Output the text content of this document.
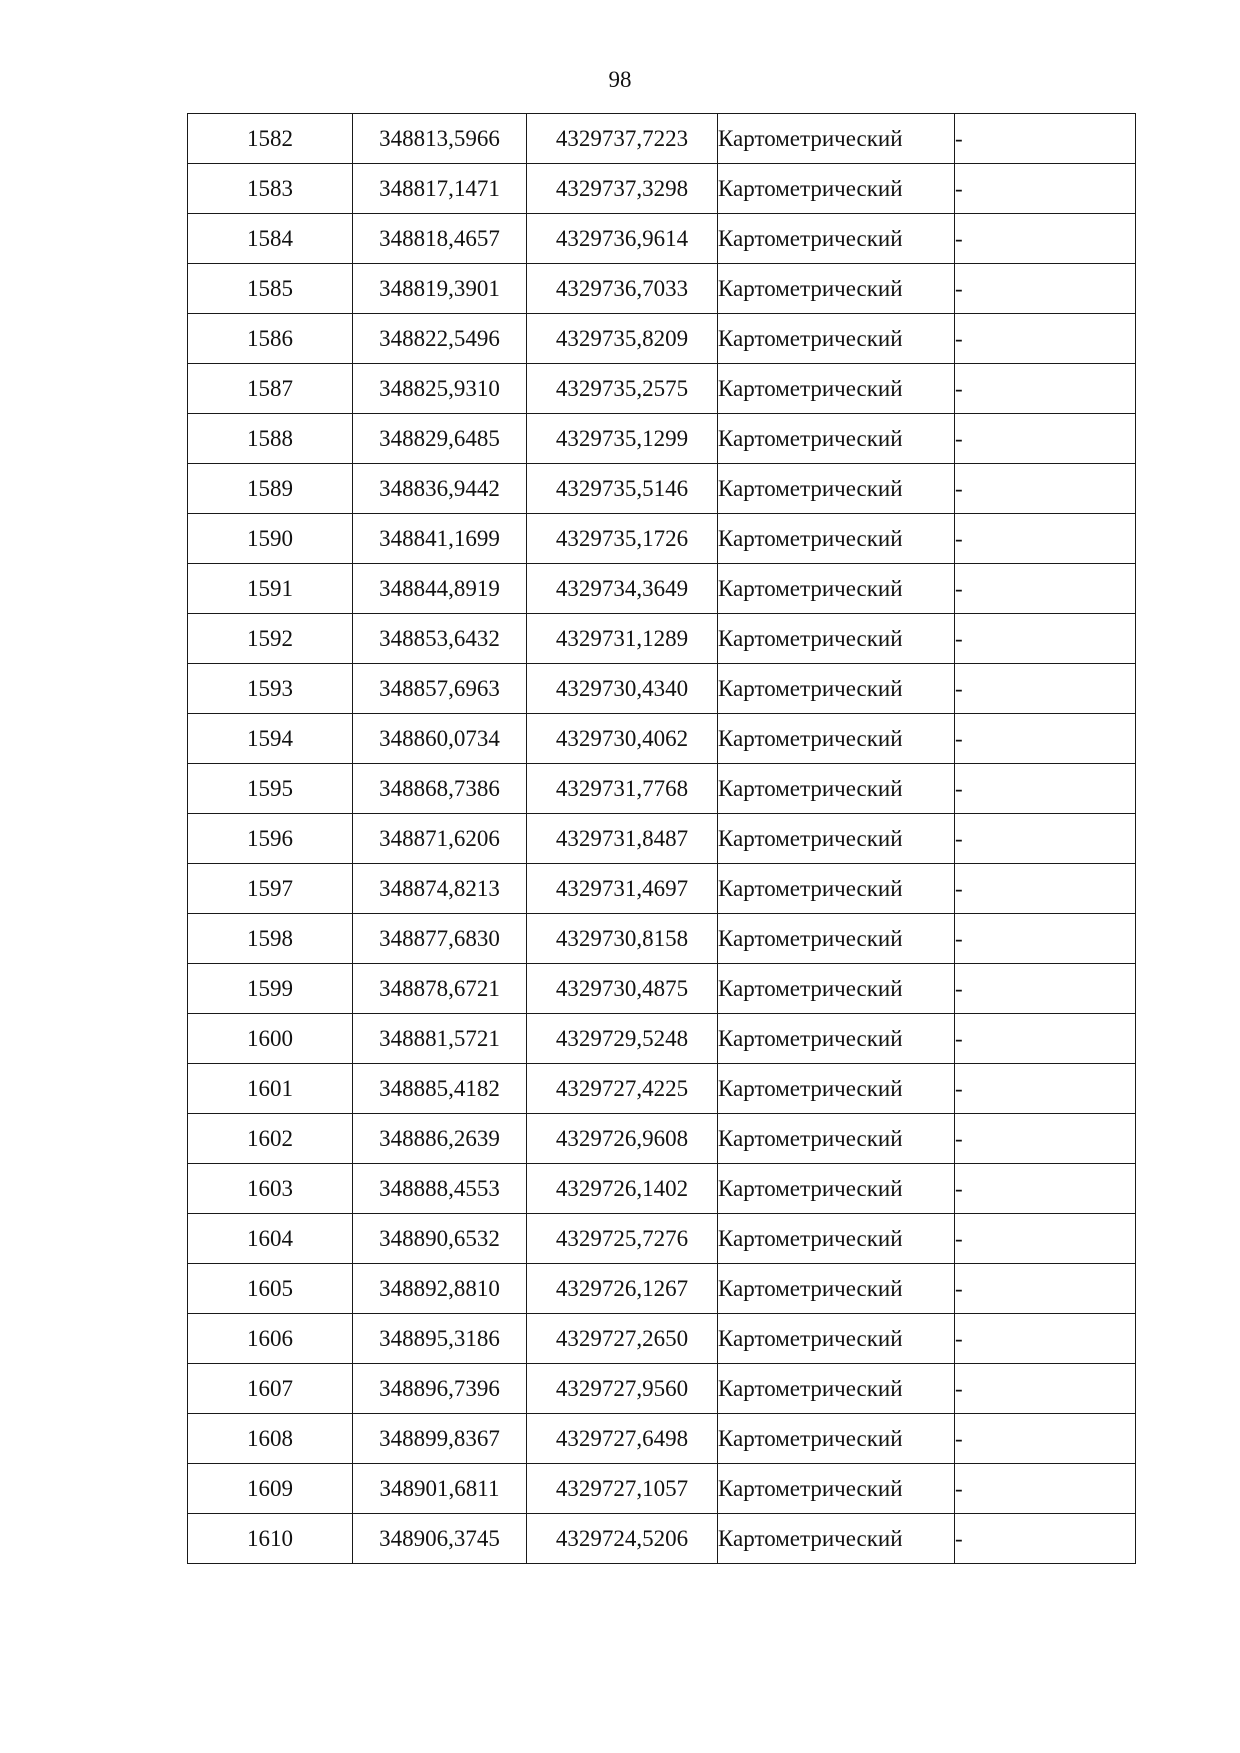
98
1582	348813,5966	4329737,7223	Картометрический	-
1583	348817,1471	4329737,3298	Картометрический	-
1584	348818,4657	4329736,9614	Картометрический	-
1585	348819,3901	4329736,7033	Картометрический	-
1586	348822,5496	4329735,8209	Картометрический	-
1587	348825,9310	4329735,2575	Картометрический	-
1588	348829,6485	4329735,1299	Картометрический	-
1589	348836,9442	4329735,5146	Картометрический	-
1590	348841,1699	4329735,1726	Картометрический	-
1591	348844,8919	4329734,3649	Картометрический	-
1592	348853,6432	4329731,1289	Картометрический	-
1593	348857,6963	4329730,4340	Картометрический	-
1594	348860,0734	4329730,4062	Картометрический	-
1595	348868,7386	4329731,7768	Картометрический	-
1596	348871,6206	4329731,8487	Картометрический	-
1597	348874,8213	4329731,4697	Картометрический	-
1598	348877,6830	4329730,8158	Картометрический	-
1599	348878,6721	4329730,4875	Картометрический	-
1600	348881,5721	4329729,5248	Картометрический	-
1601	348885,4182	4329727,4225	Картометрический	-
1602	348886,2639	4329726,9608	Картометрический	-
1603	348888,4553	4329726,1402	Картометрический	-
1604	348890,6532	4329725,7276	Картометрический	-
1605	348892,8810	4329726,1267	Картометрический	-
1606	348895,3186	4329727,2650	Картометрический	-
1607	348896,7396	4329727,9560	Картометрический	-
1608	348899,8367	4329727,6498	Картометрический	-
1609	348901,6811	4329727,1057	Картометрический	-
1610	348906,3745	4329724,5206	Картометрический	-
